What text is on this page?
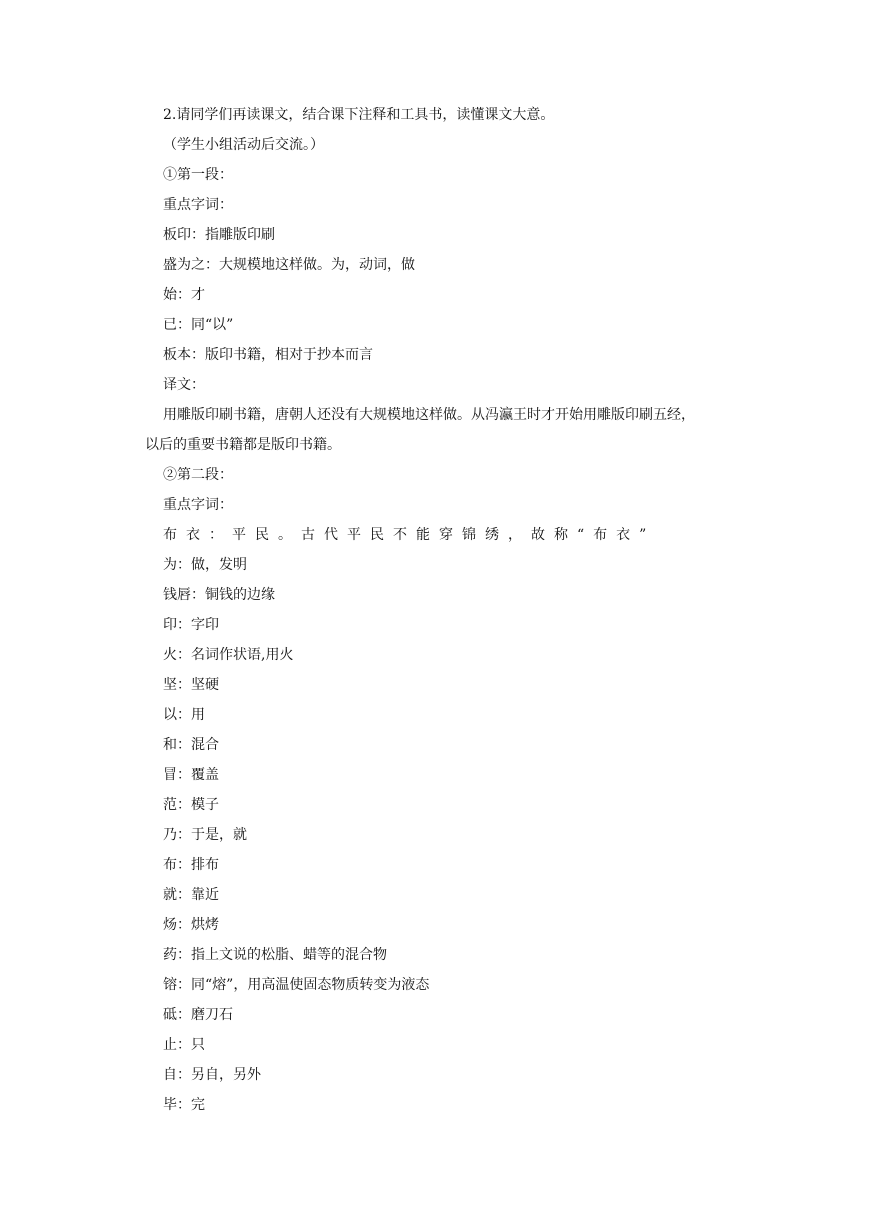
2.请同学们再读课文，结合课下注释和工具书，读懂课文大意。

（学生小组活动后交流。）

①第一段：

重点字词：

板印：指雕版印刷

盛为之：大规模地这样做。为，动词，做

始：才

已：同“以”

板本：版印书籍，相对于抄本而言

译文：

用雕版印刷书籍，唐朝人还没有大规模地这样做。从冯瀛王时才开始用雕版印刷五经，
以后的重要书籍都是版印书籍。

②第二段：

重点字词：

布衣：平民。古代平民不能穿锦绣，故称“布衣”

为：做，发明

钱唇：铜钱的边缘

印：字印

火：名词作状语,用火

坚：坚硬

以：用

和：混合

冒：覆盖

范：模子

乃：于是，就

布：排布

就：靠近

炀：烘烤

药：指上文说的松脂、蜡等的混合物

镕：同“熔”，用高温使固态物质转变为液态

砥：磨刀石

止：只

自：另自，另外

毕：完
